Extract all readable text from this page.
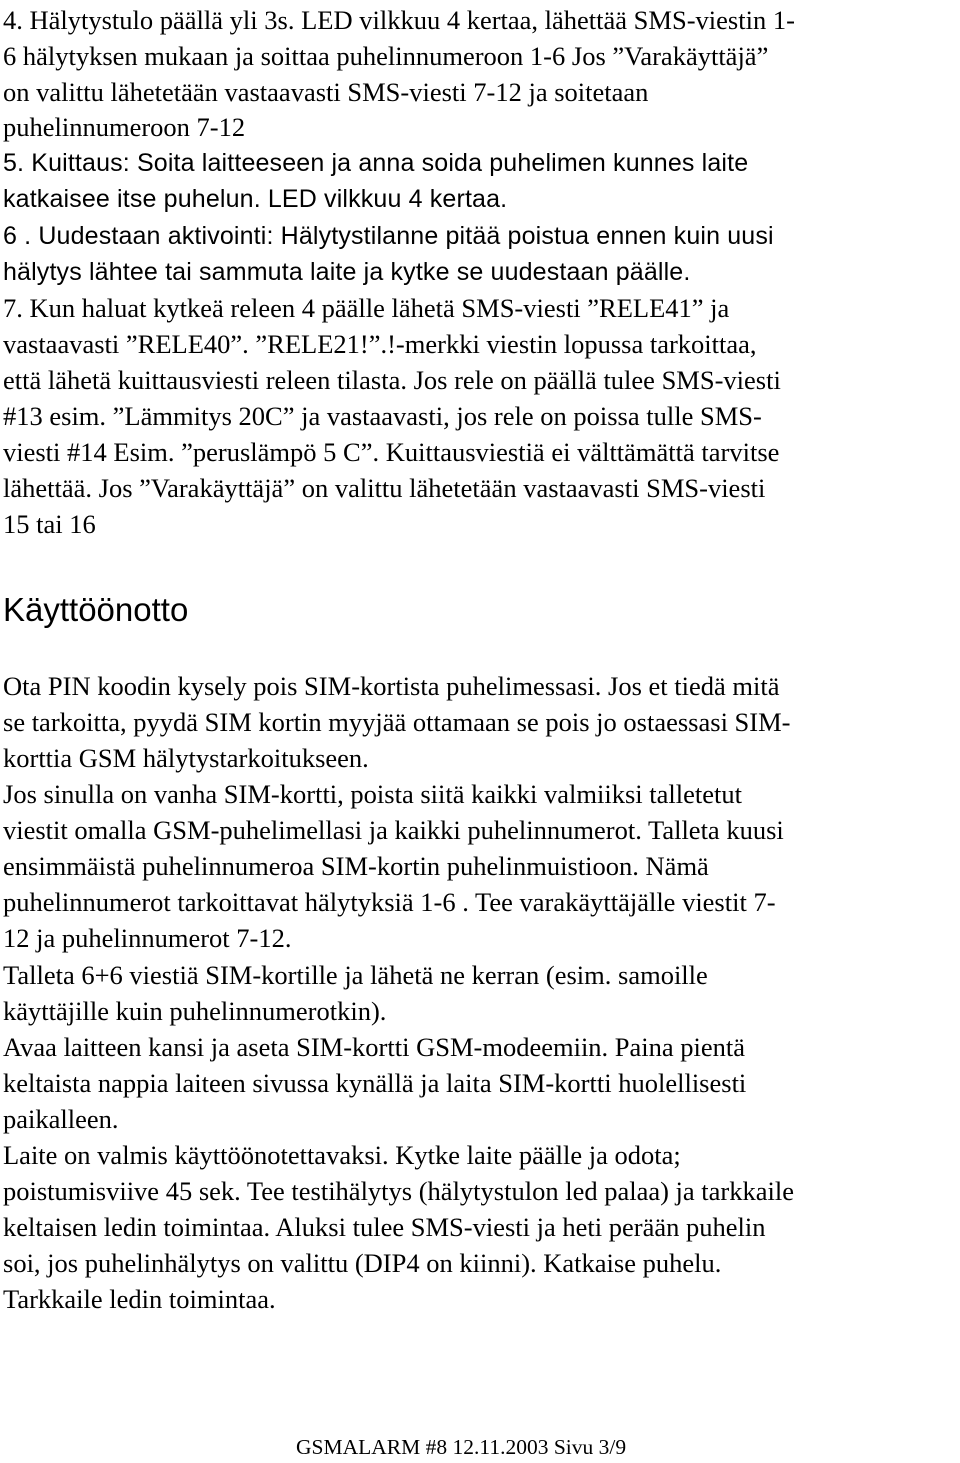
4. Hälytystulo päällä yli 3s. LED vilkkuu 4 kertaa, lähettää SMS-viestin 1-
6 hälytyksen mukaan ja soittaa puhelinnumeroon 1-6 Jos ”Varakäyttäjä”
on valittu lähetetään vastaavasti SMS-viesti 7-12 ja soitetaan
puhelinnumeroon 7-12
5. Kuittaus: Soita laitteeseen ja anna soida puhelimen kunnes laite
katkaisee itse puhelun. LED vilkkuu 4 kertaa.
6 . Uudestaan aktivointi: Hälytystilanne pitää poistua ennen kuin uusi
hälytys lähtee tai sammuta laite ja kytke se uudestaan päälle.
7. Kun haluat kytkeä releen 4 päälle lähetä SMS-viesti ”RELE41” ja
vastaavasti ”RELE40”. ”RELE21!”.!-merkki viestin lopussa tarkoittaa,
että lähetä kuittausviesti releen tilasta. Jos rele on päällä tulee SMS-viesti
#13 esim. ”Lämmitys 20C” ja vastaavasti, jos rele on poissa tulle SMS-
viesti #14 Esim. ”peruslämpö 5 C”. Kuittausviestiä ei välttämättä tarvitse
lähettää. Jos ”Varakäyttäjä” on valittu lähetetään vastaavasti SMS-viesti
15 tai 16
Käyttöönotto
Ota PIN koodin kysely pois SIM-kortista puhelimessasi. Jos et tiedä mitä
se tarkoitta, pyydä SIM kortin myyjää ottamaan se pois jo ostaessasi SIM-
korttia GSM hälytystarkoitukseen.
Jos sinulla on vanha SIM-kortti, poista siitä kaikki valmiiksi talletetut
viestit omalla GSM-puhelimellasi ja kaikki puhelinnumerot. Talleta kuusi
ensimmäistä puhelinnumeroa SIM-kortin puhelinmuistioon. Nämä
puhelinnumerot tarkoittavat hälytyksiä 1-6 . Tee varakäyttäjälle viestit 7-
12 ja puhelinnumerot 7-12.
Talleta 6+6 viestiä SIM-kortille ja lähetä ne kerran (esim. samoille
käyttäjille kuin puhelinnumerotkin).
Avaa laitteen kansi ja aseta SIM-kortti GSM-modeemiin. Paina pientä
keltaista nappia laiteen sivussa kynällä ja laita SIM-kortti huolellisesti
paikalleen.
Laite on valmis käyttöönotettavaksi. Kytke laite päälle ja odota;
poistumisviive 45 sek. Tee testihälytys (hälytystulon led palaa) ja tarkkaile
keltaisen ledin toimintaa. Aluksi tulee SMS-viesti ja heti perään puhelin
soi, jos puhelinhälytys on valittu (DIP4 on kiinni). Katkaise puhelu.
Tarkkaile ledin toimintaa.
GSMALARM #8 12.11.2003 Sivu 3/9
